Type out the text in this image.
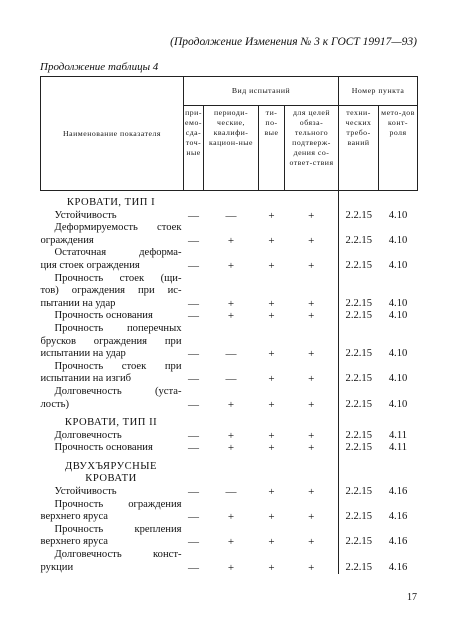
(Продолжение Изменения № 3 к ГОСТ 19917—93)
Продолжение таблицы 4
Наименование показателя	Вид испытаний				Номер пункта	
	при-емо-сда-точ-ные	периоди-ческие, квалифи-кацион-ные	ти-по-вые	для целей обяза-тельного подтверж-дения со-ответ-ствия	техни-ческих требо-ваний	мето-дов конт-роля

КРОВАТИ, ТИП I						

Устойчивость	—	—	+	+	2.2.15	4.10

Деформируемость стоек
ограждения	—	+	+	+	2.2.15	4.10

Остаточная деформа-
ция стоек ограждения	—	+	+	+	2.2.15	4.10

Прочность стоек (щи-
тов) ограждения при ис-
пытании на удар	—	+	+	+	2.2.15	4.10

Прочность основания	—	+	+	+	2.2.15	4.10

Прочность поперечных
брусков ограждения при
испытании на удар	—	—	+	+	2.2.15	4.10

Прочность стоек при
испытании на изгиб	—	—	+	+	2.2.15	4.10

Долговечность (уста-
лость)	—	+	+	+	2.2.15	4.10

КРОВАТИ, ТИП II						

Долговечность	—	+	+	+	2.2.15	4.11

Прочность основания	—	+	+	+	2.2.15	4.11

ДВУХЪЯРУСНЫЕ
КРОВАТИ						

Устойчивость	—	—	+	+	2.2.15	4.16

Прочность ограждения
верхнего яруса	—	+	+	+	2.2.15	4.16

Прочность крепления
верхнего яруса	—	+	+	+	2.2.15	4.16

Долговечность конст-
рукции	—	+	+	+	2.2.15	4.16
17
